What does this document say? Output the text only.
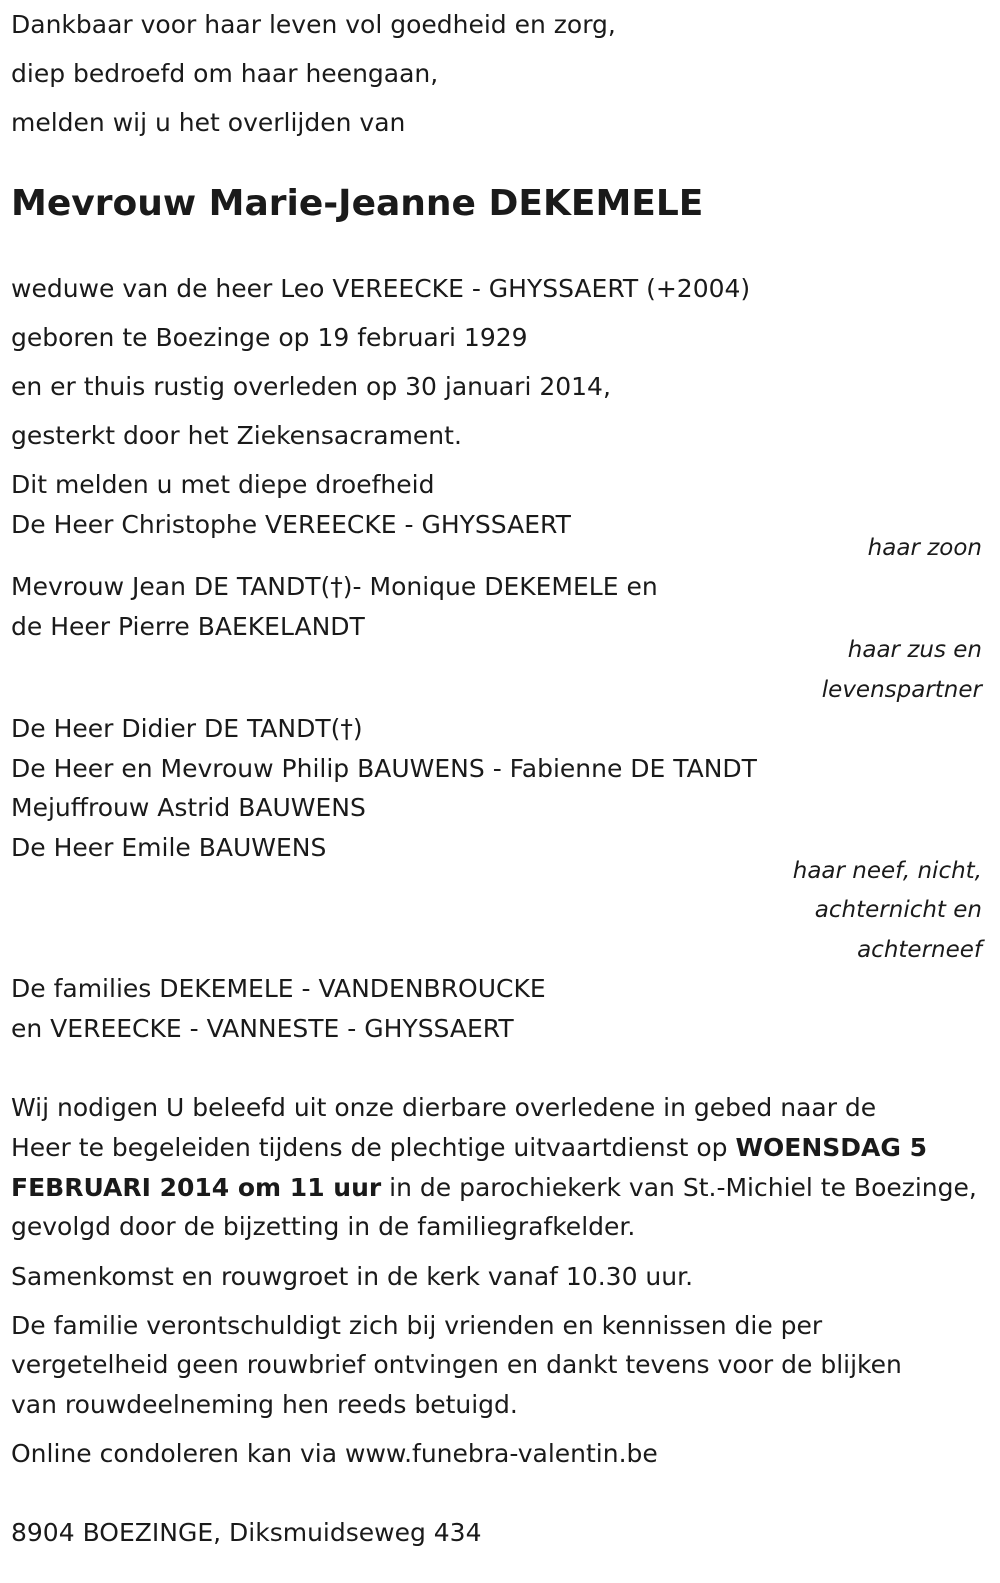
Dankbaar voor haar leven vol goedheid en zorg,
diep bedroefd om haar heengaan,
melden wij u het overlijden van
Mevrouw Marie-Jeanne DEKEMELE
weduwe van de heer Leo VEREECKE - GHYSSAERT (+2004)
geboren te Boezinge op 19 februari 1929
en er thuis rustig overleden op 30 januari 2014,
gesterkt door het Ziekensacrament.
Dit melden u met diepe droefheid
De Heer Christophe VEREECKE - GHYSSAERT
haar zoon
Mevrouw Jean DE TANDT(†)- Monique DEKEMELE en
de Heer Pierre BAEKELANDT
haar zus en
levenspartner
De Heer Didier DE TANDT(†)
De Heer en Mevrouw Philip BAUWENS - Fabienne DE TANDT
Mejuffrouw Astrid BAUWENS
De Heer Emile BAUWENS
haar neef, nicht,
achternicht en
achterneef
De families DEKEMELE - VANDENBROUCKE
en VEREECKE - VANNESTE - GHYSSAERT
Wij nodigen U beleefd uit onze dierbare overledene in gebed naar de
Heer te begeleiden tijdens de plechtige uitvaartdienst op WOENSDAG 5
FEBRUARI 2014 om 11 uur in de parochiekerk van St.-Michiel te Boezinge,
gevolgd door de bijzetting in de familiegrafkelder.
Samenkomst en rouwgroet in de kerk vanaf 10.30 uur.
De familie verontschuldigt zich bij vrienden en kennissen die per
vergetelheid geen rouwbrief ontvingen en dankt tevens voor de blijken
van rouwdeelneming hen reeds betuigd.
Online condoleren kan via www.funebra-valentin.be
8904 BOEZINGE, Diksmuidseweg 434
